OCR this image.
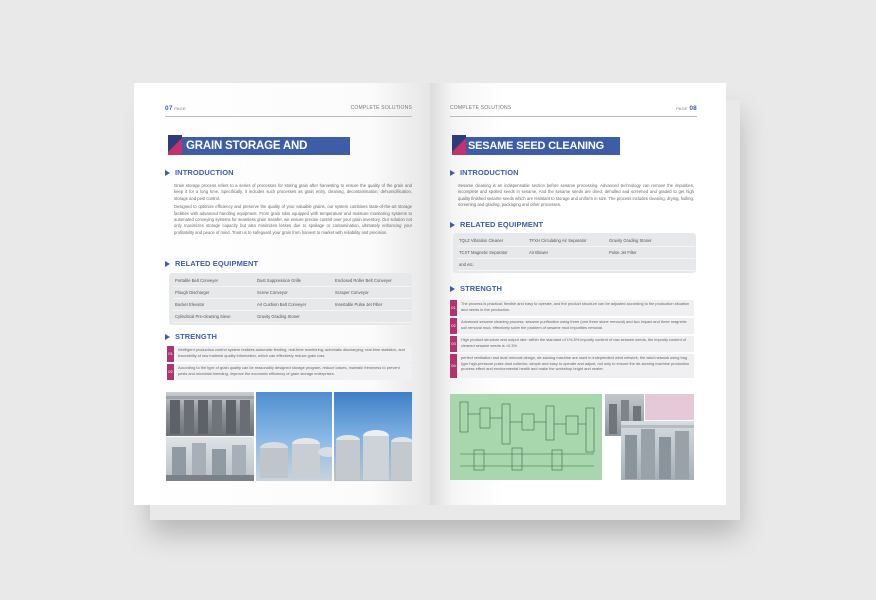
07 PAGE	COMPLETE SOLUTIONS
GRAIN STORAGE AND HANDLING
INTRODUCTION

Grain storage process refers to a series of processes for storing grain after harvesting to ensure the quality of the grain and keep it for a long time. Specifically, it includes such processes as grain entry, cleaning, decontamination, dehumidification, storage and pest control.

Designed to optimize efficiency and preserve the quality of your valuable grains, our system combines state-of-the-art storage facilities with advanced handling equipment. From grain silos equipped with temperature and moisture monitoring systems to automated conveying systems for seamless grain transfer, we ensure precise control over your grain inventory. Our solution not only maximizes storage capacity but also minimizes losses due to spoilage or contamination, ultimately enhancing your profitability and peace of mind. Trust us to safeguard your grain from harvest to market with reliability and precision.

RELATED EQUIPMENT
Portable Belt Conveyer	Dust Suppression Grille	Enclosed Roller Belt Conveyer
Plough Discharger	Screw Conveyor	Scraper Conveyor
Bucket Elevator	Air Cushion Belt Conveyer	Insertable Pulse Jet Filter
Cylindrical Pre-cleaning Sieve	Gravity Grading Stoner
STRENGTH
01
Intelligent production control system realizes automatic feeding, real-time monitoring, automatic discharging, real-time statistics, and traceability of raw material quality information, which can effectively reduce grain loss.
02
According to the type of grain quality can be reasonably designed storage program, reduce losses, maintain freshness to prevent pests and microbial breeding, improve the economic efficiency of grain storage enterprises.
COMPLETE SOLUTIONS	PAGE 08
SESAME SEED CLEANING
INTRODUCTION

Sesame cleaning is an indispensable section before sesame processing. Advanced technology can remove the impurities, incomplete and spoiled seeds in sesame, And the sesame seeds are dried, dehulled and screened and graded to get high quality finished sesame seeds which are resistant to storage and uniform in size. The process includes cleaning, drying, hulling, screening and grading, packaging and other processes.

RELATED EQUIPMENT
TQLZ Vibration Cleaner	TFXH Circulating Air Separator	Gravity Grading Stoner
TCXT Magnetic Separator	Air Blower	Pulse Jet Filter
and etc.
STRENGTH
01
The process is practical, flexible and easy to operate, and the product structure can be adjusted according to the production situation and needs in the production.
02
Advanced sesame cleaning process, sesame purification using three (one three stone removal) and two impact and three magnetic soil removal mud, effectively solve the problem of sesame mud impurities removal.
03
High product structure and output rate: within the standard of 1%-5% impurity content of raw sesame seeds, the impurity content of cleaned sesame seeds is <0.3%.
04
perfect ventilation and dust removal design, de-stoning machine are used in independent wind network, the wind network using bag type high-pressure pulse dust collector, simple and easy to operate and adjust, not only to ensure the de-stoning machine production process effect and environmental health and make the workshop bright and neater.
